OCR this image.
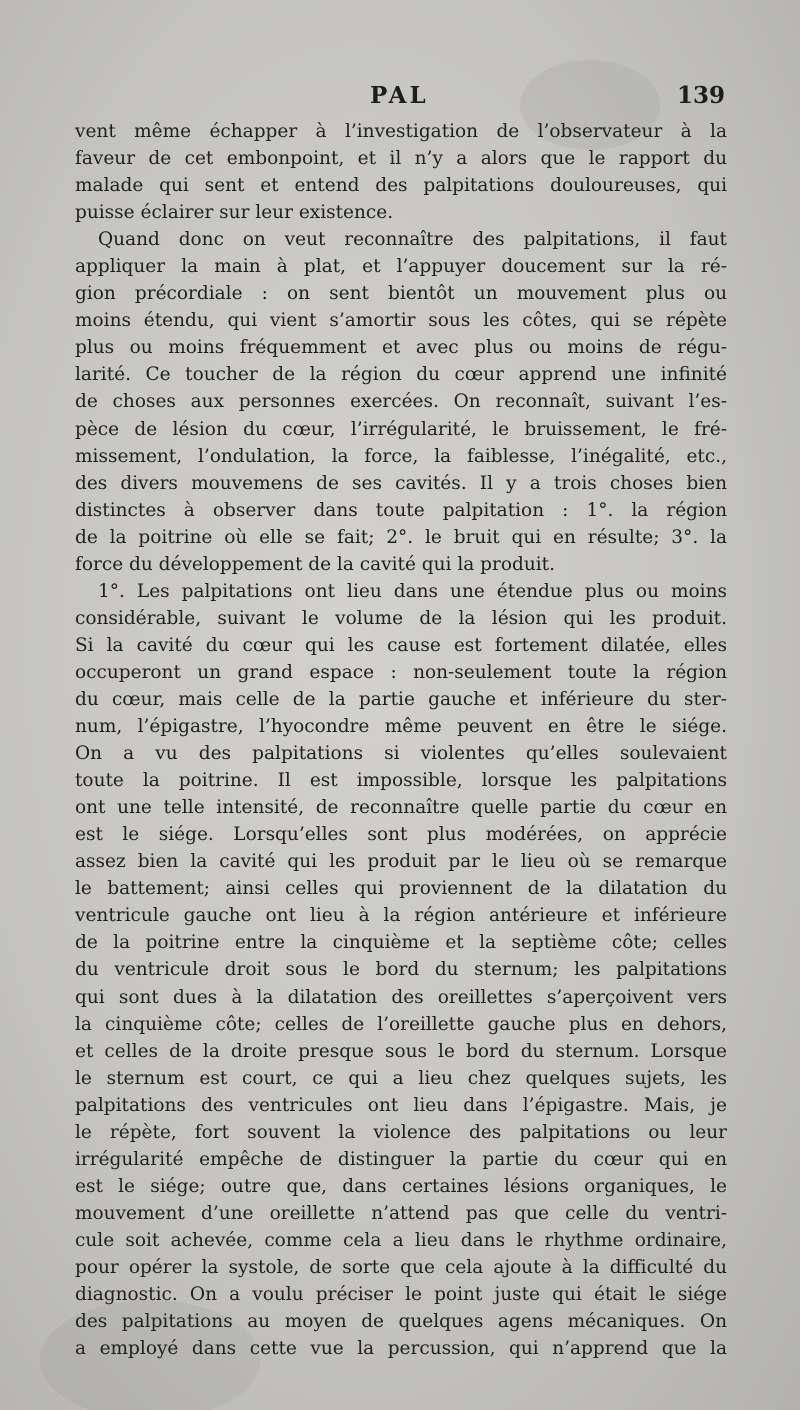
PAL	139
vent même échapper à l’investigation de l’observateur à la
faveur de cet embonpoint, et il n’y a alors que le rapport du
malade qui sent et entend des palpitations douloureuses, qui
puisse éclairer sur leur existence.
Quand donc on veut reconnaître des palpitations, il faut
appliquer la main à plat, et l’appuyer doucement sur la ré-
gion précordiale : on sent bientôt un mouvement plus ou
moins étendu, qui vient s’amortir sous les côtes, qui se répète
plus ou moins fréquemment et avec plus ou moins de régu-
larité. Ce toucher de la région du cœur apprend une infinité
de choses aux personnes exercées. On reconnaît, suivant l’es-
pèce de lésion du cœur, l’irrégularité, le bruissement, le fré-
missement, l’ondulation, la force, la faiblesse, l’inégalité, etc.,
des divers mouvemens de ses cavités. Il y a trois choses bien
distinctes à observer dans toute palpitation : 1°. la région
de la poitrine où elle se fait; 2°. le bruit qui en résulte; 3°. la
force du développement de la cavité qui la produit.
1°. Les palpitations ont lieu dans une étendue plus ou moins
considérable, suivant le volume de la lésion qui les produit.
Si la cavité du cœur qui les cause est fortement dilatée, elles
occuperont un grand espace : non-seulement toute la région
du cœur, mais celle de la partie gauche et inférieure du ster-
num, l’épigastre, l’hyocondre même peuvent en être le siége.
On a vu des palpitations si violentes qu’elles soulevaient
toute la poitrine. Il est impossible, lorsque les palpitations
ont une telle intensité, de reconnaître quelle partie du cœur en
est le siége. Lorsqu’elles sont plus modérées, on apprécie
assez bien la cavité qui les produit par le lieu où se remarque
le battement; ainsi celles qui proviennent de la dilatation du
ventricule gauche ont lieu à la région antérieure et inférieure
de la poitrine entre la cinquième et la septième côte; celles
du ventricule droit sous le bord du sternum; les palpitations
qui sont dues à la dilatation des oreillettes s’aperçoivent vers
la cinquième côte; celles de l’oreillette gauche plus en dehors,
et celles de la droite presque sous le bord du sternum. Lorsque
le sternum est court, ce qui a lieu chez quelques sujets, les
palpitations des ventricules ont lieu dans l’épigastre. Mais, je
le répète, fort souvent la violence des palpitations ou leur
irrégularité empêche de distinguer la partie du cœur qui en
est le siége; outre que, dans certaines lésions organiques, le
mouvement d’une oreillette n’attend pas que celle du ventri-
cule soit achevée, comme cela a lieu dans le rhythme ordinaire,
pour opérer la systole, de sorte que cela ajoute à la difficulté du
diagnostic. On a voulu préciser le point juste qui était le siége
des palpitations au moyen de quelques agens mécaniques. On
a employé dans cette vue la percussion, qui n’apprend que la
